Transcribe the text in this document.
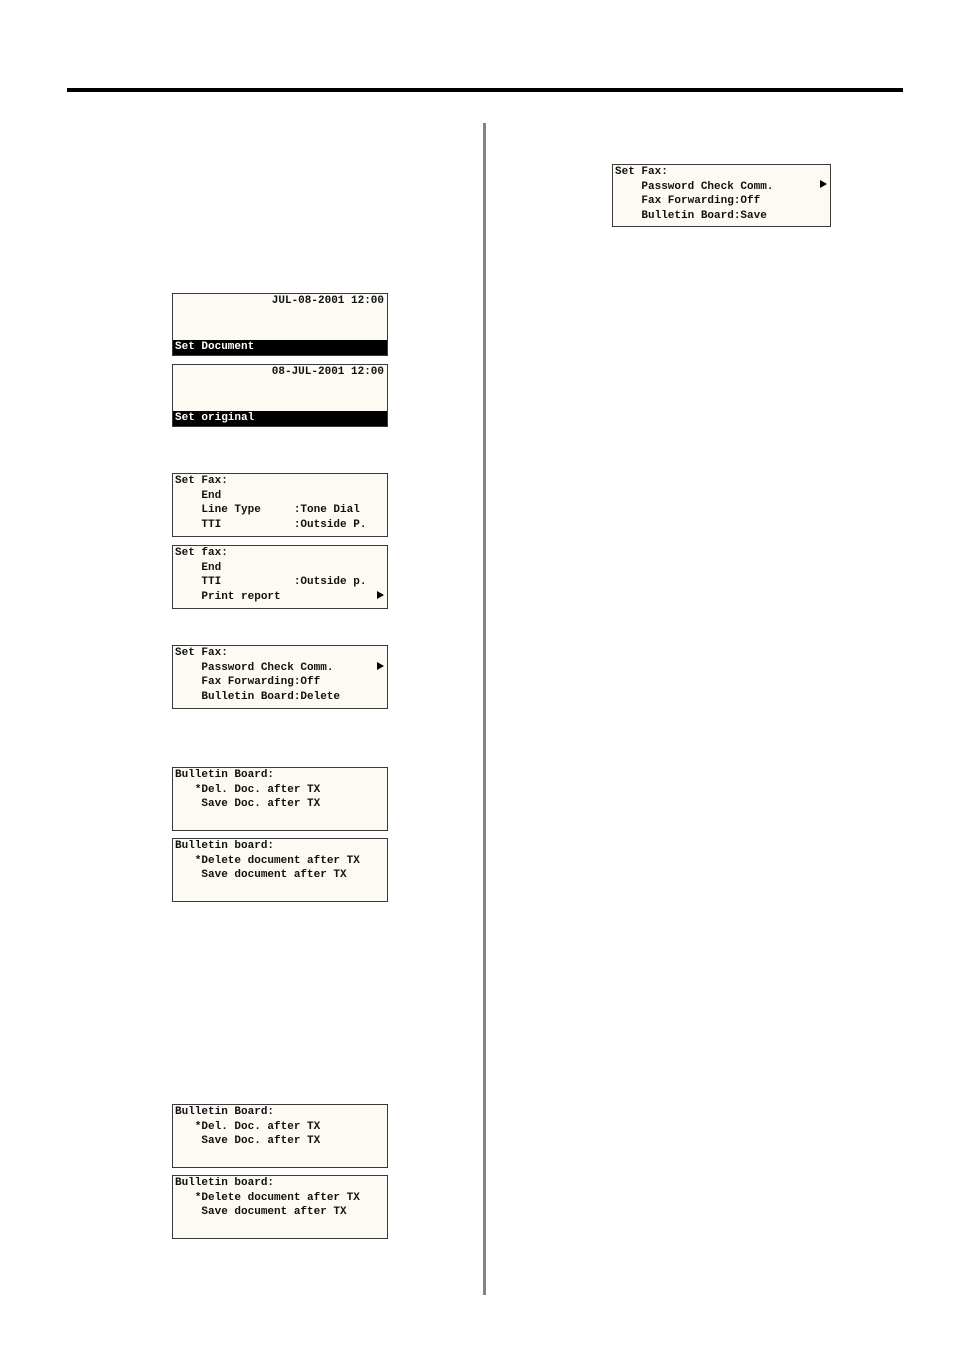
JUL-08-2001 12:00
Set Document
08-JUL-2001 12:00
Set original
Set Fax:
End
Line Type     :Tone Dial
TTI           :Outside P.
Set fax:
End
TTI           :Outside p.
Print report
Set Fax:
Password Check Comm.
Fax Forwarding:Off
Bulletin Board:Delete
Bulletin Board:
*Del. Doc. after TX
Save Doc. after TX
Bulletin board:
*Delete document after TX
Save document after TX
Bulletin Board:
*Del. Doc. after TX
Save Doc. after TX
Bulletin board:
*Delete document after TX
Save document after TX
Set Fax:
Password Check Comm.
Fax Forwarding:Off
Bulletin Board:Save
